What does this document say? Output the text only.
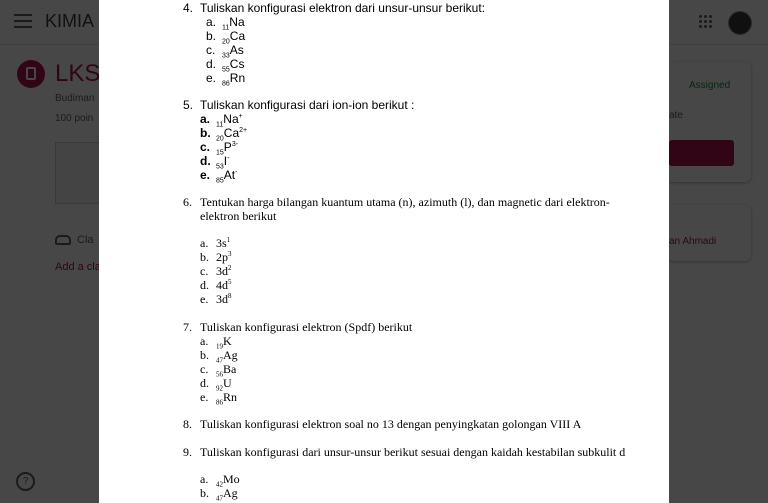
4. Tuliskan konfigurasi elektron dari unsur-unsur berikut:
a. $_{11}$Na
b. $_{20}$Ca
c. $_{33}$As
d. $_{55}$Cs
e. $_{86}$Rn
5. Tuliskan konfigurasi dari ion-ion berikut :
a. $_{11}$Na+
b. $_{20}Ca^{2+}$
c. $_{15}P^{3-}$
d. $_{53}$I-
e. $_{85}$At-
6. Tentukan harga bilangan kuantum utama (n), azimuth (l), dan magnetic dari elektron-
elektron berikut
a. $3s^1$
b. $2p^3$
c. $3d^2$
d. $4d^5$
e. $3d^8$
7. Tuliskan konfigurasi elektron (Spdf) berikut
a. $_{19}$K
b. $_{47}$Ag
c. $_{56}$Ba
d. $_{92}$U
e. $_{86}$Rn
8. Tuliskan konfigurasi elektron soal no 13 dengan penyingkatan golongan VIII A
9. Tuliskan konfigurasi dari unsur-unsur berikut sesuai dengan kaidah kestabilan subkulit d
a. $_{42}$Mo
b. $_{47}$Ag
